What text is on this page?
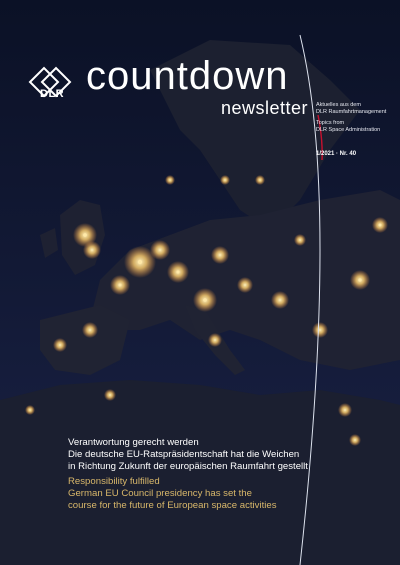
DLR countdown
newsletter Aktuelles aus dem
DLR Raumfahrtmanagement
Topics from
DLR Space Administration
1/2021 · Nr. 40
Verantwortung gerecht werden
Die deutsche EU-Ratspräsidentschaft hat die Weichen
in Richtung Zukunft der europäischen Raumfahrt gestellt
Responsibility fulfilled
German EU Council presidency has set the
course for the future of European space activities
